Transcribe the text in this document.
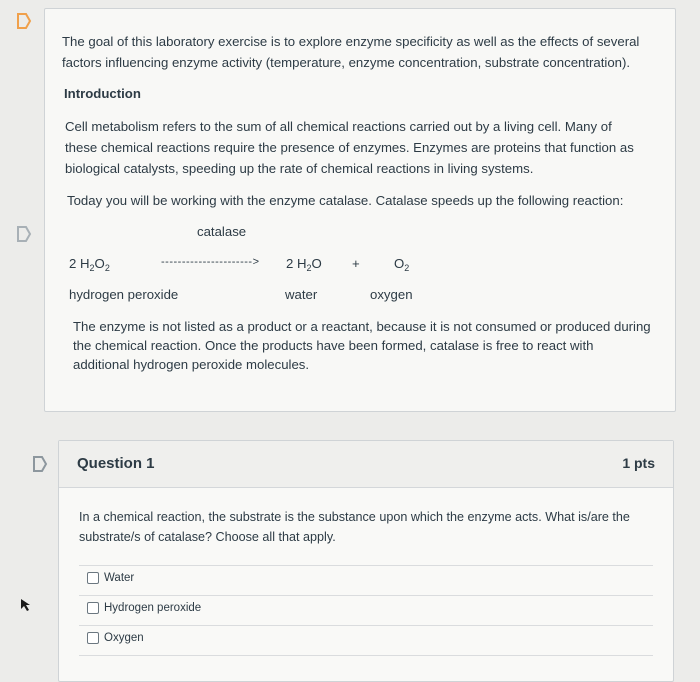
The goal of this laboratory exercise is to explore enzyme specificity as well as the effects of several

factors influencing enzyme activity (temperature, enzyme concentration, substrate concentration).

Introduction

Cell metabolism refers to the sum of all chemical reactions carried out by a living cell. Many of

these chemical reactions require the presence of enzymes. Enzymes are proteins that function as

biological catalysts, speeding up the rate of chemical reactions in living systems.

Today you will be working with the enzyme catalase. Catalase speeds up the following reaction:

catalase

2 $H_2O_2$	----------------------> 2 $H_2O$ +	$O_2$

hydrogen peroxide	water	oxygen

The enzyme is not listed as a product or a reactant, because it is not consumed or produced during

the chemical reaction. Once the products have been formed, catalase is free to react with

additional hydrogen peroxide molecules.

Question 1	1 pts
In a chemical reaction, the substrate is the substance upon which the enzyme acts. What is/are the
substrate/s of catalase? Choose all that apply.
Water
Hydrogen peroxide
Oxygen
